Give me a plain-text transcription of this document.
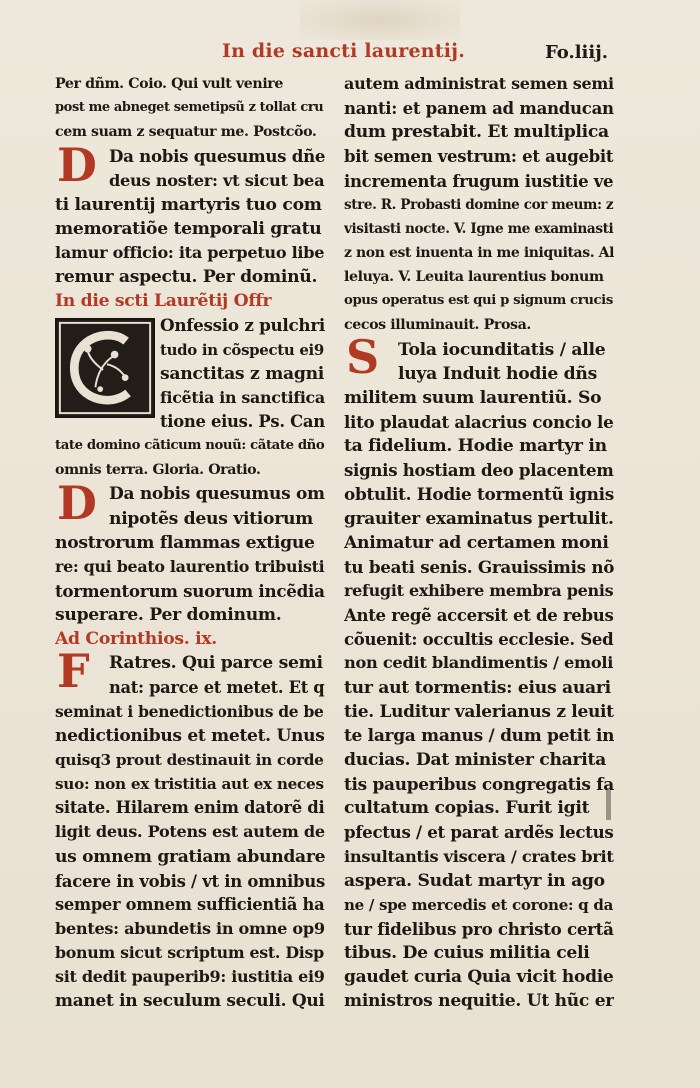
In die sancti laurentij.	Fo.liij.
D
D
F
Per dñm. Coio. Qui vult venire
post me abneget semetipsũ z tollat cru
cem suam z sequatur me. Postcõo.
Da nobis quesumus dñe
deus noster: vt sicut bea
ti laurentij martyris tuo com
memoratiõe temporali gratu
lamur officio: ita perpetuo libe
remur aspectu. Per dominũ.
In die scti Laurẽtij Offr
Onfessio z pulchri
tudo in cõspectu ei9
sanctitas z magni
ficẽtia in sanctifica
tione eius. Ps. Can
tate domino cãticum nouũ: cãtate dño
omnis terra. Gloria. Oratio.
Da nobis quesumus om
nipotẽs deus vitiorum
nostrorum flammas extigue
re: qui beato laurentio tribuisti
tormentorum suorum incẽdia
superare. Per dominum.
Ad Corinthios. ix.
Ratres. Qui parce semi
nat: parce et metet. Et q
seminat i benedictionibus de be
nedictionibus et metet. Unus
quisq3 prout destinauit in corde
suo: non ex tristitia aut ex neces
sitate. Hilarem enim datorẽ di
ligit deus. Potens est autem de
us omnem gratiam abundare
facere in vobis / vt in omnibus
semper omnem sufficientiã ha
bentes: abundetis in omne op9
bonum sicut scriptum est. Disp
sit dedit pauperib9: iustitia ei9
manet in seculum seculi. Qui
S
autem administrat semen semi
nanti: et panem ad manducan
dum prestabit. Et multiplica
bit semen vestrum: et augebit
incrementa frugum iustitie ve
stre. R. Probasti domine cor meum: z
visitasti nocte. V. Igne me examinasti
z non est inuenta in me iniquitas. Al
leluya. V. Leuita laurentius bonum
opus operatus est qui p signum crucis
cecos illuminauit. Prosa.
Tola iocunditatis / alle
luya Induit hodie dñs
militem suum laurentiũ. So
lito plaudat alacrius concio le
ta fidelium. Hodie martyr in
signis hostiam deo placentem
obtulit. Hodie tormentũ ignis
grauiter examinatus pertulit.
Animatur ad certamen moni
tu beati senis. Grauissimis nõ
refugit exhibere membra penis
Ante regẽ accersit et de rebus
cõuenit: occultis ecclesie. Sed
non cedit blandimentis / emoli
tur aut tormentis: eius auari
tie. Luditur valerianus z leuit
te larga manus / dum petit in
ducias. Dat minister charita
tis pauperibus congregatis fa
cultatum copias. Furit igit
pfectus / et parat ardẽs lectus
insultantis viscera / crates brit
aspera. Sudat martyr in ago
ne / spe mercedis et corone: q da
tur fidelibus pro christo certã
tibus. De cuius militia celi
gaudet curia Quia vicit hodie
ministros nequitie. Ut hũc er
